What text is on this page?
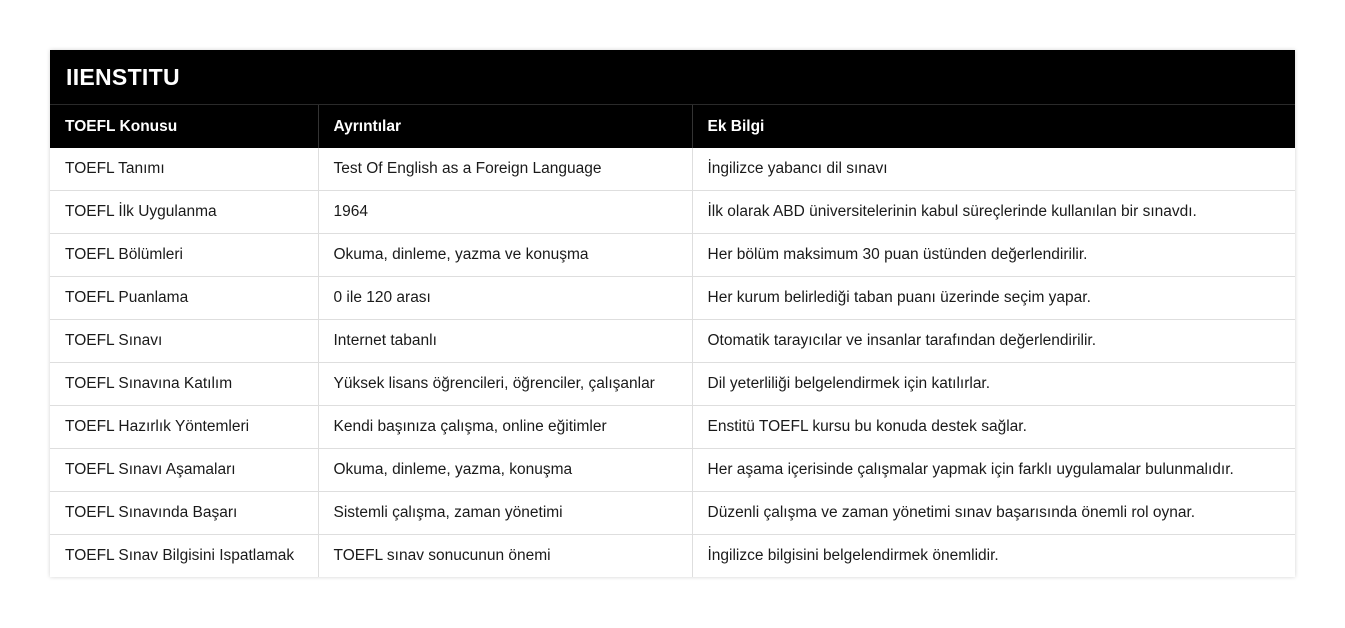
IIENSTITU
TOEFL Konusu	Ayrıntılar	Ek Bilgi
TOEFL Tanımı	Test Of English as a Foreign Language	İngilizce yabancı dil sınavı
TOEFL İlk Uygulanma	1964	İlk olarak ABD üniversitelerinin kabul süreçlerinde kullanılan bir sınavdı.
TOEFL Bölümleri	Okuma, dinleme, yazma ve konuşma	Her bölüm maksimum 30 puan üstünden değerlendirilir.
TOEFL Puanlama	0 ile 120 arası	Her kurum belirlediği taban puanı üzerinde seçim yapar.
TOEFL Sınavı	Internet tabanlı	Otomatik tarayıcılar ve insanlar tarafından değerlendirilir.
TOEFL Sınavına Katılım	Yüksek lisans öğrencileri, öğrenciler, çalışanlar	Dil yeterliliği belgelendirmek için katılırlar.
TOEFL Hazırlık Yöntemleri	Kendi başınıza çalışma, online eğitimler	Enstitü TOEFL kursu bu konuda destek sağlar.
TOEFL Sınavı Aşamaları	Okuma, dinleme, yazma, konuşma	Her aşama içerisinde çalışmalar yapmak için farklı uygulamalar bulunmalıdır.
TOEFL Sınavında Başarı	Sistemli çalışma, zaman yönetimi	Düzenli çalışma ve zaman yönetimi sınav başarısında önemli rol oynar.
TOEFL Sınav Bilgisini Ispatlamak	TOEFL sınav sonucunun önemi	İngilizce bilgisini belgelendirmek önemlidir.
